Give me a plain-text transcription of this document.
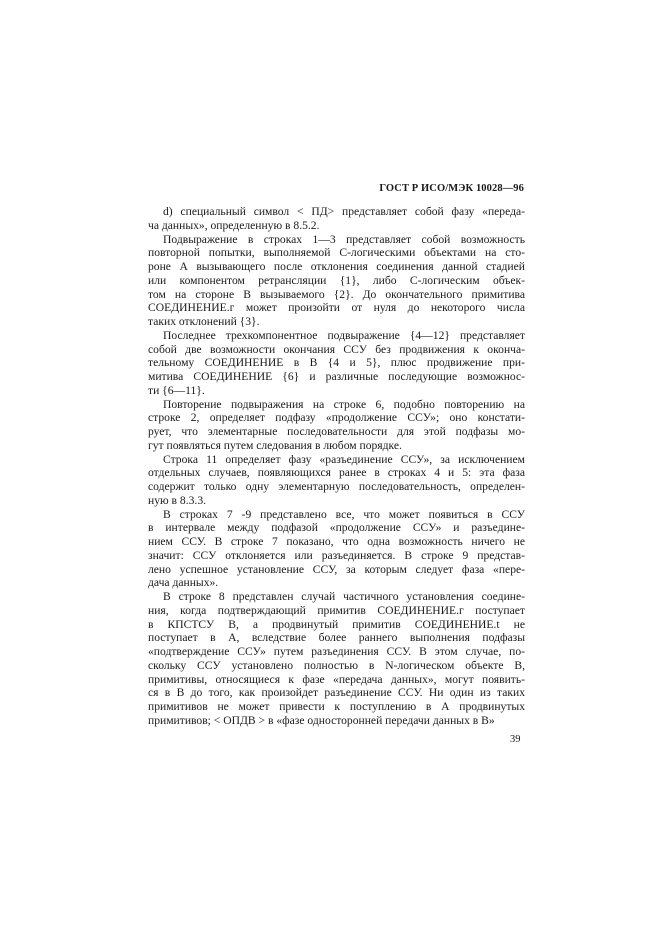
ГОСТ Р ИСО/МЭК 10028—96
d) специальный символ < ПД> представляет собой фазу «переда-
ча данных», определенную в 8.5.2.
Подвыражение в строках 1—3 представляет собой возможность
повторной попытки, выполняемой С-логическими объектами на сто-
роне А вызывающего после отклонения соединения данной стадией
или компонентом ретрансляции {1}, либо С-логическим объек-
том на стороне В вызываемого {2}. До окончательного примитива
СОЕДИНЕНИЕ.г может произойти от нуля до некоторого числа
таких отклонений {3}.
Последнее трехкомпонентное подвыражение {4—12} представляет
собой две возможности окончания ССУ без продвижения к оконча-
тельному СОЕДИНЕНИЕ в В {4 и 5}, плюс продвижение при-
митива СОЕДИНЕНИЕ {6} и различные последующие возможнос-
ти {6—11}.
Повторение подвыражения на строке 6, подобно повторению на
строке 2, определяет подфазу «продолжение ССУ»; оно констати-
рует, что элементарные последовательности для этой подфазы мо-
гут появляться путем следования в любом порядке.
Строка 11 определяет фазу «разъединение ССУ», за исключением
отдельных случаев, появляющихся ранее в строках 4 и 5: эта фаза
содержит только одну элементарную последовательность, определен-
ную в 8.3.3.
В строках 7 -9 представлено все, что может появиться в ССУ
в интервале между подфазой «продолжение ССУ» и разъедине-
нием ССУ. В строке 7 показано, что одна возможность ничего не
значит: ССУ отклоняется или разъединяется. В строке 9 представ-
лено успешное установление ССУ, за которым следует фаза «пере-
дача данных».
В строке 8 представлен случай частичного установления соедине-
ния, когда подтверждающий примитив СОЕДИНЕНИЕ.г поступает
в КПСТСУ В, а продвинутый примитив СОЕДИНЕНИЕ.t не
поступает в А, вследствие более раннего выполнения подфазы
«подтверждение ССУ» путем разъединения ССУ. В этом случае, по-
скольку ССУ установлено полностью в N-логическом объекте В,
примитивы, относящиеся к фазе «передача данных», могут появить-
ся в В до того, как произойдет разъединение ССУ. Ни один из таких
примитивов не может привести к поступлению в А продвинутых
примитивов; < ОПДВ > в «фазе односторонней передачи данных в В»
39
